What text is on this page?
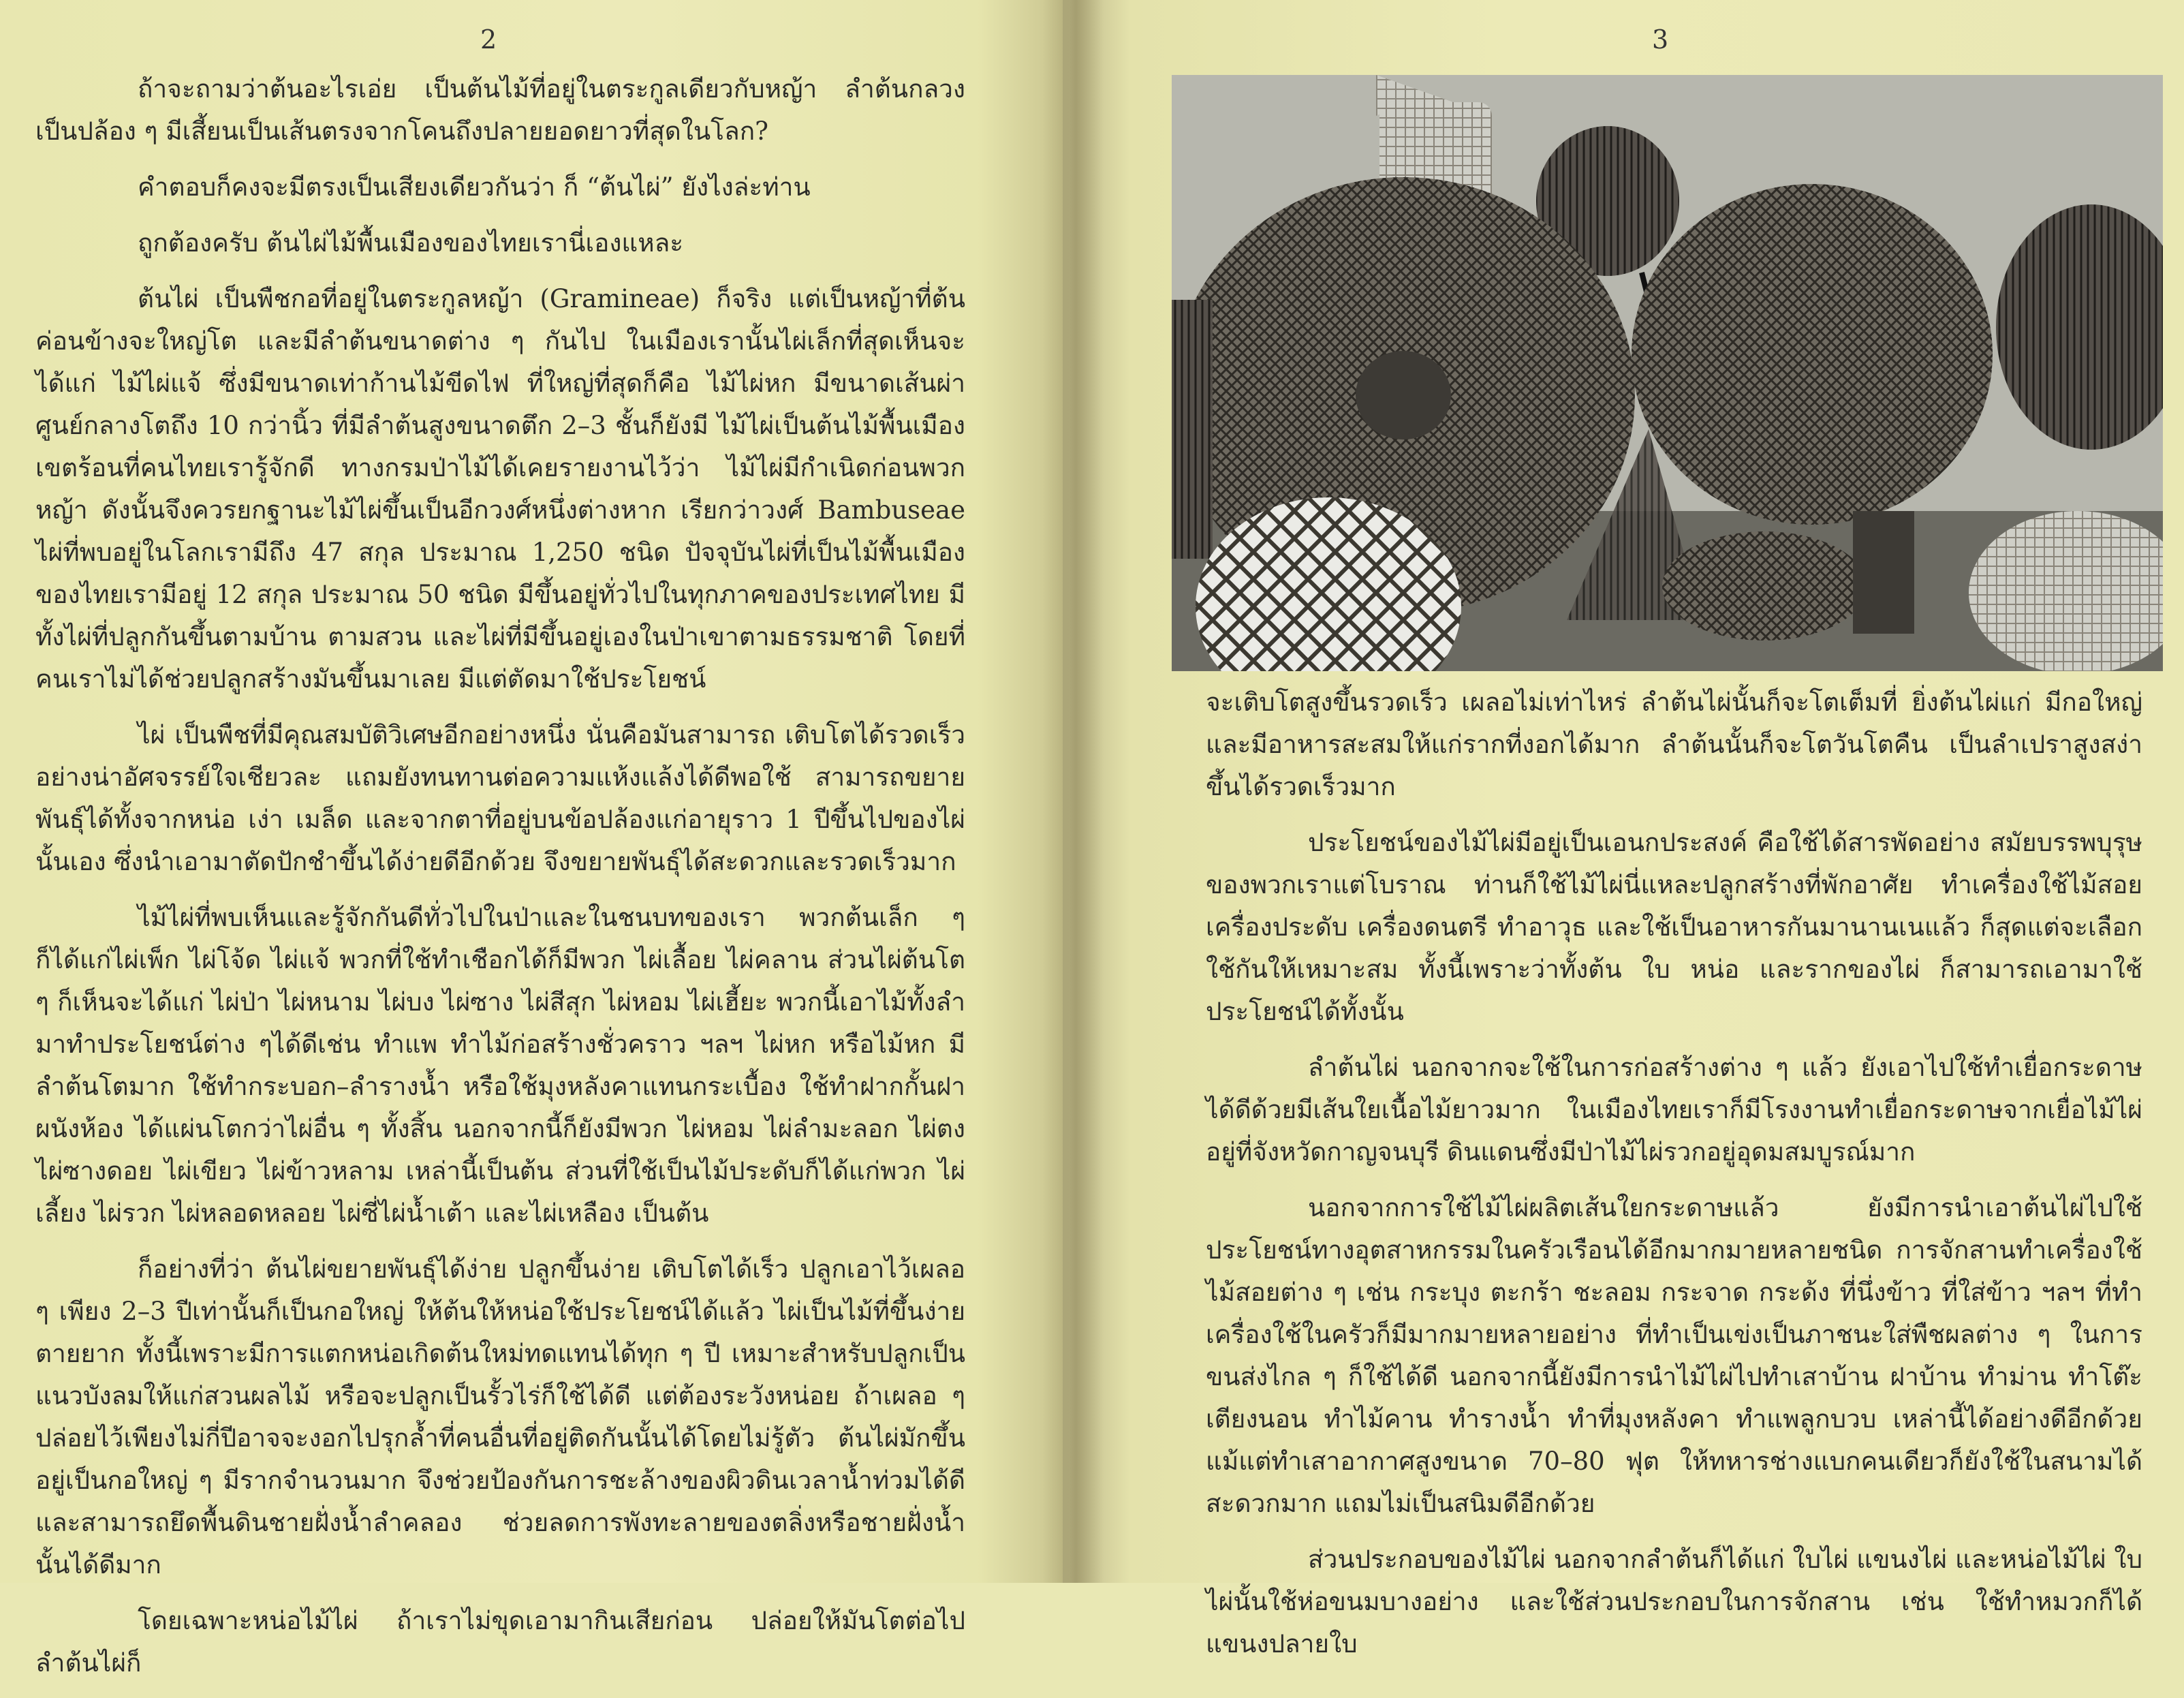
2

ถ้าจะถามว่าต้นอะไรเอ่ย เป็นต้นไม้ที่อยู่ในตระกูลเดียวกับหญ้า ลำต้นกลวงเป็นปล้อง ๆ มีเสี้ยนเป็นเส้นตรงจากโคนถึงปลายยอดยาวที่สุดในโลก?

คำตอบก็คงจะมีตรงเป็นเสียงเดียวกันว่า ก็ “ต้นไผ่” ยังไงล่ะท่าน

ถูกต้องครับ ต้นไผ่ไม้พื้นเมืองของไทยเรานี่เองแหละ

ต้นไผ่ เป็นพืชกอที่อยู่ในตระกูลหญ้า (Gramineae) ก็จริง แต่เป็นหญ้าที่ต้นค่อนข้างจะใหญ่โต และมีลำต้นขนาดต่าง ๆ กันไป ในเมืองเรานั้นไผ่เล็กที่สุดเห็นจะได้แก่ ไม้ไผ่แจ้ ซึ่งมีขนาดเท่าก้านไม้ขีดไฟ ที่ใหญ่ที่สุดก็คือ ไม้ไผ่หก มีขนาดเส้นผ่าศูนย์กลางโตถึง 10 กว่านิ้ว ที่มีลำต้นสูงขนาดตึก 2–3 ชั้นก็ยังมี ไม้ไผ่เป็นต้นไม้พื้นเมืองเขตร้อนที่คนไทยเรารู้จักดี ทางกรมป่าไม้ได้เคยรายงานไว้ว่า ไม้ไผ่มีกำเนิดก่อนพวกหญ้า ดังนั้นจึงควรยกฐานะไม้ไผ่ขึ้นเป็นอีกวงศ์หนึ่งต่างหาก เรียกว่าวงศ์ Bambuseae ไผ่ที่พบอยู่ในโลกเรามีถึง 47 สกุล ประมาณ 1,250 ชนิด ปัจจุบันไผ่ที่เป็นไม้พื้นเมืองของไทยเรามีอยู่ 12 สกุล ประมาณ 50 ชนิด มีขึ้นอยู่ทั่วไปในทุกภาคของประเทศไทย มีทั้งไผ่ที่ปลูกกันขึ้นตามบ้าน ตามสวน และไผ่ที่มีขึ้นอยู่เองในป่าเขาตามธรรมชาติ โดยที่คนเราไม่ได้ช่วยปลูกสร้างมันขึ้นมาเลย มีแต่ตัดมาใช้ประโยชน์

ไผ่ เป็นพืชที่มีคุณสมบัติวิเศษอีกอย่างหนึ่ง นั่นคือมันสามารถ เติบโตได้รวดเร็วอย่างน่าอัศจรรย์ใจเชียวละ แถมยังทนทานต่อความแห้งแล้งได้ดีพอใช้ สามารถขยายพันธุ์ได้ทั้งจากหน่อ เง่า เมล็ด และจากตาที่อยู่บนข้อปล้องแก่อายุราว 1 ปีขึ้นไปของไผ่นั้นเอง ซึ่งนำเอามาตัดปักชำขึ้นได้ง่ายดีอีกด้วย จึงขยายพันธุ์ได้สะดวกและรวดเร็วมาก

ไม้ไผ่ที่พบเห็นและรู้จักกันดีทั่วไปในป่าและในชนบทของเรา พวกต้นเล็ก ๆ ก็ได้แก่ไผ่เพ็ก ไผ่โจ้ด ไผ่แจ้ พวกที่ใช้ทำเชือกได้ก็มีพวก ไผ่เลื้อย ไผ่คลาน ส่วนไผ่ต้นโต ๆ ก็เห็นจะได้แก่ ไผ่ป่า ไผ่หนาม ไผ่บง ไผ่ซาง ไผ่สีสุก ไผ่หอม ไผ่เฮี้ยะ พวกนี้เอาไม้ทั้งลำมาทำประโยชน์ต่าง ๆได้ดีเช่น ทำแพ ทำไม้ก่อสร้างชั่วคราว ฯลฯ ไผ่หก หรือไม้หก มีลำต้นโตมาก ใช้ทำกระบอก–ลำรางน้ำ หรือใช้มุงหลังคาแทนกระเบื้อง ใช้ทำฝากกั้นฝาผนังห้อง ได้แผ่นโตกว่าไผ่อื่น ๆ ทั้งสิ้น นอกจากนี้ก็ยังมีพวก ไผ่หอม ไผ่ลำมะลอก ไผ่ตง ไผ่ซางดอย ไผ่เขียว ไผ่ข้าวหลาม เหล่านี้เป็นต้น ส่วนที่ใช้เป็นไม้ประดับก็ได้แก่พวก ไผ่เลี้ยง ไผ่รวก ไผ่หลอดหลอย ไผ่ซี่ไผ่น้ำเต้า และไผ่เหลือง เป็นต้น

ก็อย่างที่ว่า ต้นไผ่ขยายพันธุ์ได้ง่าย ปลูกขึ้นง่าย เติบโตได้เร็ว ปลูกเอาไว้เผลอ ๆ เพียง 2–3 ปีเท่านั้นก็เป็นกอใหญ่ ให้ต้นให้หน่อใช้ประโยชน์ได้แล้ว ไผ่เป็นไม้ที่ขึ้นง่ายตายยาก ทั้งนี้เพราะมีการแตกหน่อเกิดต้นใหม่ทดแทนได้ทุก ๆ ปี เหมาะสำหรับปลูกเป็นแนวบังลมให้แก่สวนผลไม้ หรือจะปลูกเป็นรั้วไร่ก็ใช้ได้ดี แต่ต้องระวังหน่อย ถ้าเผลอ ๆ ปล่อยไว้เพียงไม่กี่ปีอาจจะงอกไปรุกล้ำที่คนอื่นที่อยู่ติดกันนั้นได้โดยไม่รู้ตัว ต้นไผ่มักขึ้นอยู่เป็นกอใหญ่ ๆ มีรากจำนวนมาก จึงช่วยป้องกันการชะล้างของผิวดินเวลาน้ำท่วมได้ดี และสามารถยึดพื้นดินชายฝั่งน้ำลำคลอง ช่วยลดการพังทะลายของตลิ่งหรือชายฝั่งน้ำนั้นได้ดีมาก

โดยเฉพาะหน่อไม้ไผ่ ถ้าเราไม่ขุดเอามากินเสียก่อน ปล่อยให้มันโตต่อไป ลำต้นไผ่ก็

3

จะเติบโตสูงขึ้นรวดเร็ว เผลอไม่เท่าไหร่ ลำต้นไผ่นั้นก็จะโตเต็มที่ ยิ่งต้นไผ่แก่ มีกอใหญ่และมีอาหารสะสมให้แก่รากที่งอกได้มาก ลำต้นนั้นก็จะโตวันโตคืน เป็นลำเปราสูงสง่าขึ้นได้รวดเร็วมาก

ประโยชน์ของไม้ไผ่มีอยู่เป็นเอนกประสงค์ คือใช้ได้สารพัดอย่าง สมัยบรรพบุรุษของพวกเราแต่โบราณ ท่านก็ใช้ไม้ไผ่นี่แหละปลูกสร้างที่พักอาศัย ทำเครื่องใช้ไม้สอย เครื่องประดับ เครื่องดนตรี ทำอาวุธ และใช้เป็นอาหารกันมานานเนแล้ว ก็สุดแต่จะเลือกใช้กันให้เหมาะสม ทั้งนี้เพราะว่าทั้งต้น ใบ หน่อ และรากของไผ่ ก็สามารถเอามาใช้ประโยชน์ได้ทั้งนั้น

ลำต้นไผ่ นอกจากจะใช้ในการก่อสร้างต่าง ๆ แล้ว ยังเอาไปใช้ทำเยื่อกระดาษได้ดีด้วยมีเส้นใยเนื้อไม้ยาวมาก ในเมืองไทยเราก็มีโรงงานทำเยื่อกระดาษจากเยื่อไม้ไผ่อยู่ที่จังหวัดกาญจนบุรี ดินแดนซึ่งมีป่าไม้ไผ่รวกอยู่อุดมสมบูรณ์มาก

นอกจากการใช้ไม้ไผ่ผลิตเส้นใยกระดาษแล้ว ยังมีการนำเอาต้นไผ่ไปใช้ประโยชน์ทางอุตสาหกรรมในครัวเรือนได้อีกมากมายหลายชนิด การจักสานทำเครื่องใช้ไม้สอยต่าง ๆ เช่น กระบุง ตะกร้า ชะลอม กระจาด กระด้ง ที่นึ่งข้าว ที่ใส่ข้าว ฯลฯ ที่ทำเครื่องใช้ในครัวก็มีมากมายหลายอย่าง ที่ทำเป็นเข่งเป็นภาชนะใส่พืชผลต่าง ๆ ในการขนส่งไกล ๆ ก็ใช้ได้ดี นอกจากนี้ยังมีการนำไม้ไผ่ไปทำเสาบ้าน ฝาบ้าน ทำม่าน ทำโต๊ะ เตียงนอน ทำไม้คาน ทำรางน้ำ ทำที่มุงหลังคา ทำแพลูกบวบ เหล่านี้ได้อย่างดีอีกด้วย แม้แต่ทำเสาอากาศสูงขนาด 70–80 ฟุต ให้ทหารช่างแบกคนเดียวก็ยังใช้ในสนามได้สะดวกมาก แถมไม่เป็นสนิมดีอีกด้วย

ส่วนประกอบของไม้ไผ่ นอกจากลำต้นก็ได้แก่ ใบไผ่ แขนงไผ่ และหน่อไม้ไผ่ ใบไผ่นั้นใช้ห่อขนมบางอย่าง และใช้ส่วนประกอบในการจักสาน เช่น ใช้ทำหมวกก็ได้ แขนงปลายใบ
